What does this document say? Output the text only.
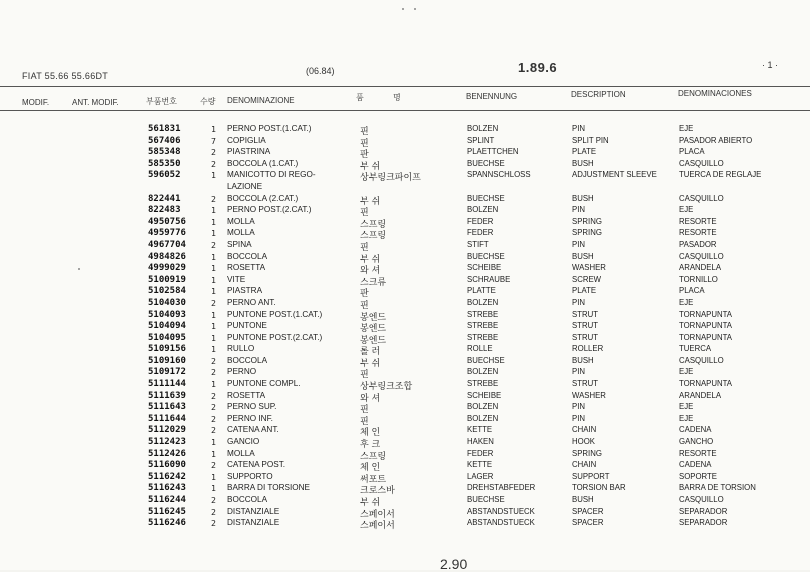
FIAT 55.66 55.66DT	(06.84)	1.89.6	· 1 ·
MODIF.	ANT. MODIF.	부품번호	수량 DENOMINAZIONE	품	명	BENENNUNG	DESCRIPTION	DENOMINACIONES
561831	1 PERNO POST.(1.CAT.)	핀	BOLZEN	PIN	EJE
567406	7 COPIGLIA	핀	SPLINT	SPLIT PIN	PASADOR ABIERTO
585348	2 PIASTRINA	판	PLAETTCHEN	PLATE	PLACA
585350	2 BOCCOLA (1.CAT.)	부 쉬	BUECHSE	BUSH	CASQUILLO
596052	1 MANICOTTO DI REGO-	상부링크파이프	SPANNSCHLOSS	ADJUSTMENT SLEEVE	TUERCA DE REGLAJE
LAZIONE
822441	2 BOCCOLA (2.CAT.)	부 쉬	BUECHSE	BUSH	CASQUILLO
822483	1 PERNO POST.(2.CAT.)	핀	BOLZEN	PIN	EJE
4950756	1 MOLLA	스프링	FEDER	SPRING	RESORTE
4959776	1 MOLLA	스프링	FEDER	SPRING	RESORTE
4967704	2 SPINA	핀	STIFT	PIN	PASADOR
4984826	1 BOCCOLA	부 쉬	BUECHSE	BUSH	CASQUILLO
4999029	1 ROSETTA	와 셔	SCHEIBE	WASHER	ARANDELA
5100919	1 VITE	스크류	SCHRAUBE	SCREW	TORNILLO
5102584	1 PIASTRA	판	PLATTE	PLATE	PLACA
5104030	2 PERNO ANT.	핀	BOLZEN	PIN	EJE
5104093	1 PUNTONE POST.(1.CAT.)	봉엔드	STREBE	STRUT	TORNAPUNTA
5104094	1 PUNTONE	봉엔드	STREBE	STRUT	TORNAPUNTA
5104095	1 PUNTONE POST.(2.CAT.)	봉엔드	STREBE	STRUT	TORNAPUNTA
5109156	1 RULLO	롤 러	ROLLE	ROLLER	TUERCA
5109160	2 BOCCOLA	부 쉬	BUECHSE	BUSH	CASQUILLO
5109172	2 PERNO	핀	BOLZEN	PIN	EJE
5111144	1 PUNTONE COMPL.	상부링크조합	STREBE	STRUT	TORNAPUNTA
5111639	2 ROSETTA	와 셔	SCHEIBE	WASHER	ARANDELA
5111643	2 PERNO SUP.	핀	BOLZEN	PIN	EJE
5111644	2 PERNO INF.	핀	BOLZEN	PIN	EJE
5112029	2 CATENA ANT.	체 인	KETTE	CHAIN	CADENA
5112423	1 GANCIO	후 크	HAKEN	HOOK	GANCHO
5112426	1 MOLLA	스프링	FEDER	SPRING	RESORTE
5116090	2 CATENA POST.	체 인	KETTE	CHAIN	CADENA
5116242	1 SUPPORTO	써포트	LAGER	SUPPORT	SOPORTE
5116243	1 BARRA DI TORSIONE	크로스바	DREHSTABFEDER	TORSION BAR	BARRA DE TORSION
5116244	2 BOCCOLA	부 쉬	BUECHSE	BUSH	CASQUILLO
5116245	2 DISTANZIALE	스페이서	ABSTANDSTUECK	SPACER	SEPARADOR
5116246	2 DISTANZIALE	스페이서	ABSTANDSTUECK	SPACER	SEPARADOR
2.90
